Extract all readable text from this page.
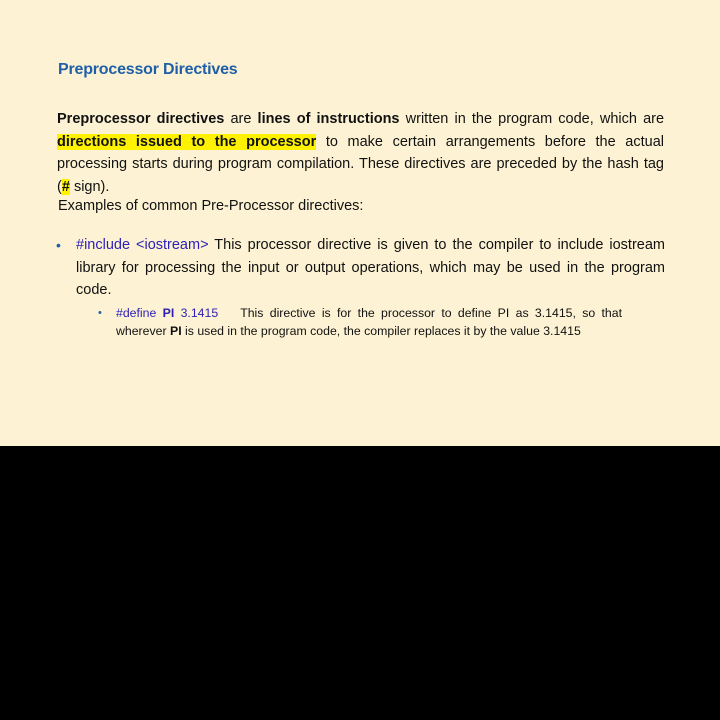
Preprocessor Directives
Preprocessor directives are lines of instructions written in the program code, which are directions issued to the processor to make certain arrangements before the actual processing starts during program compilation. These directives are preceded by the hash tag (# sign).
Examples of common Pre-Processor directives:
• #include <iostream> This processor directive is given to the compiler to include iostream library for processing the input or output operations, which may be used in the program code.
• #define PI 3.1415 This directive is for the processor to define PI as 3.1415, so that wherever PI is used in the program code, the compiler replaces it by the value 3.1415
